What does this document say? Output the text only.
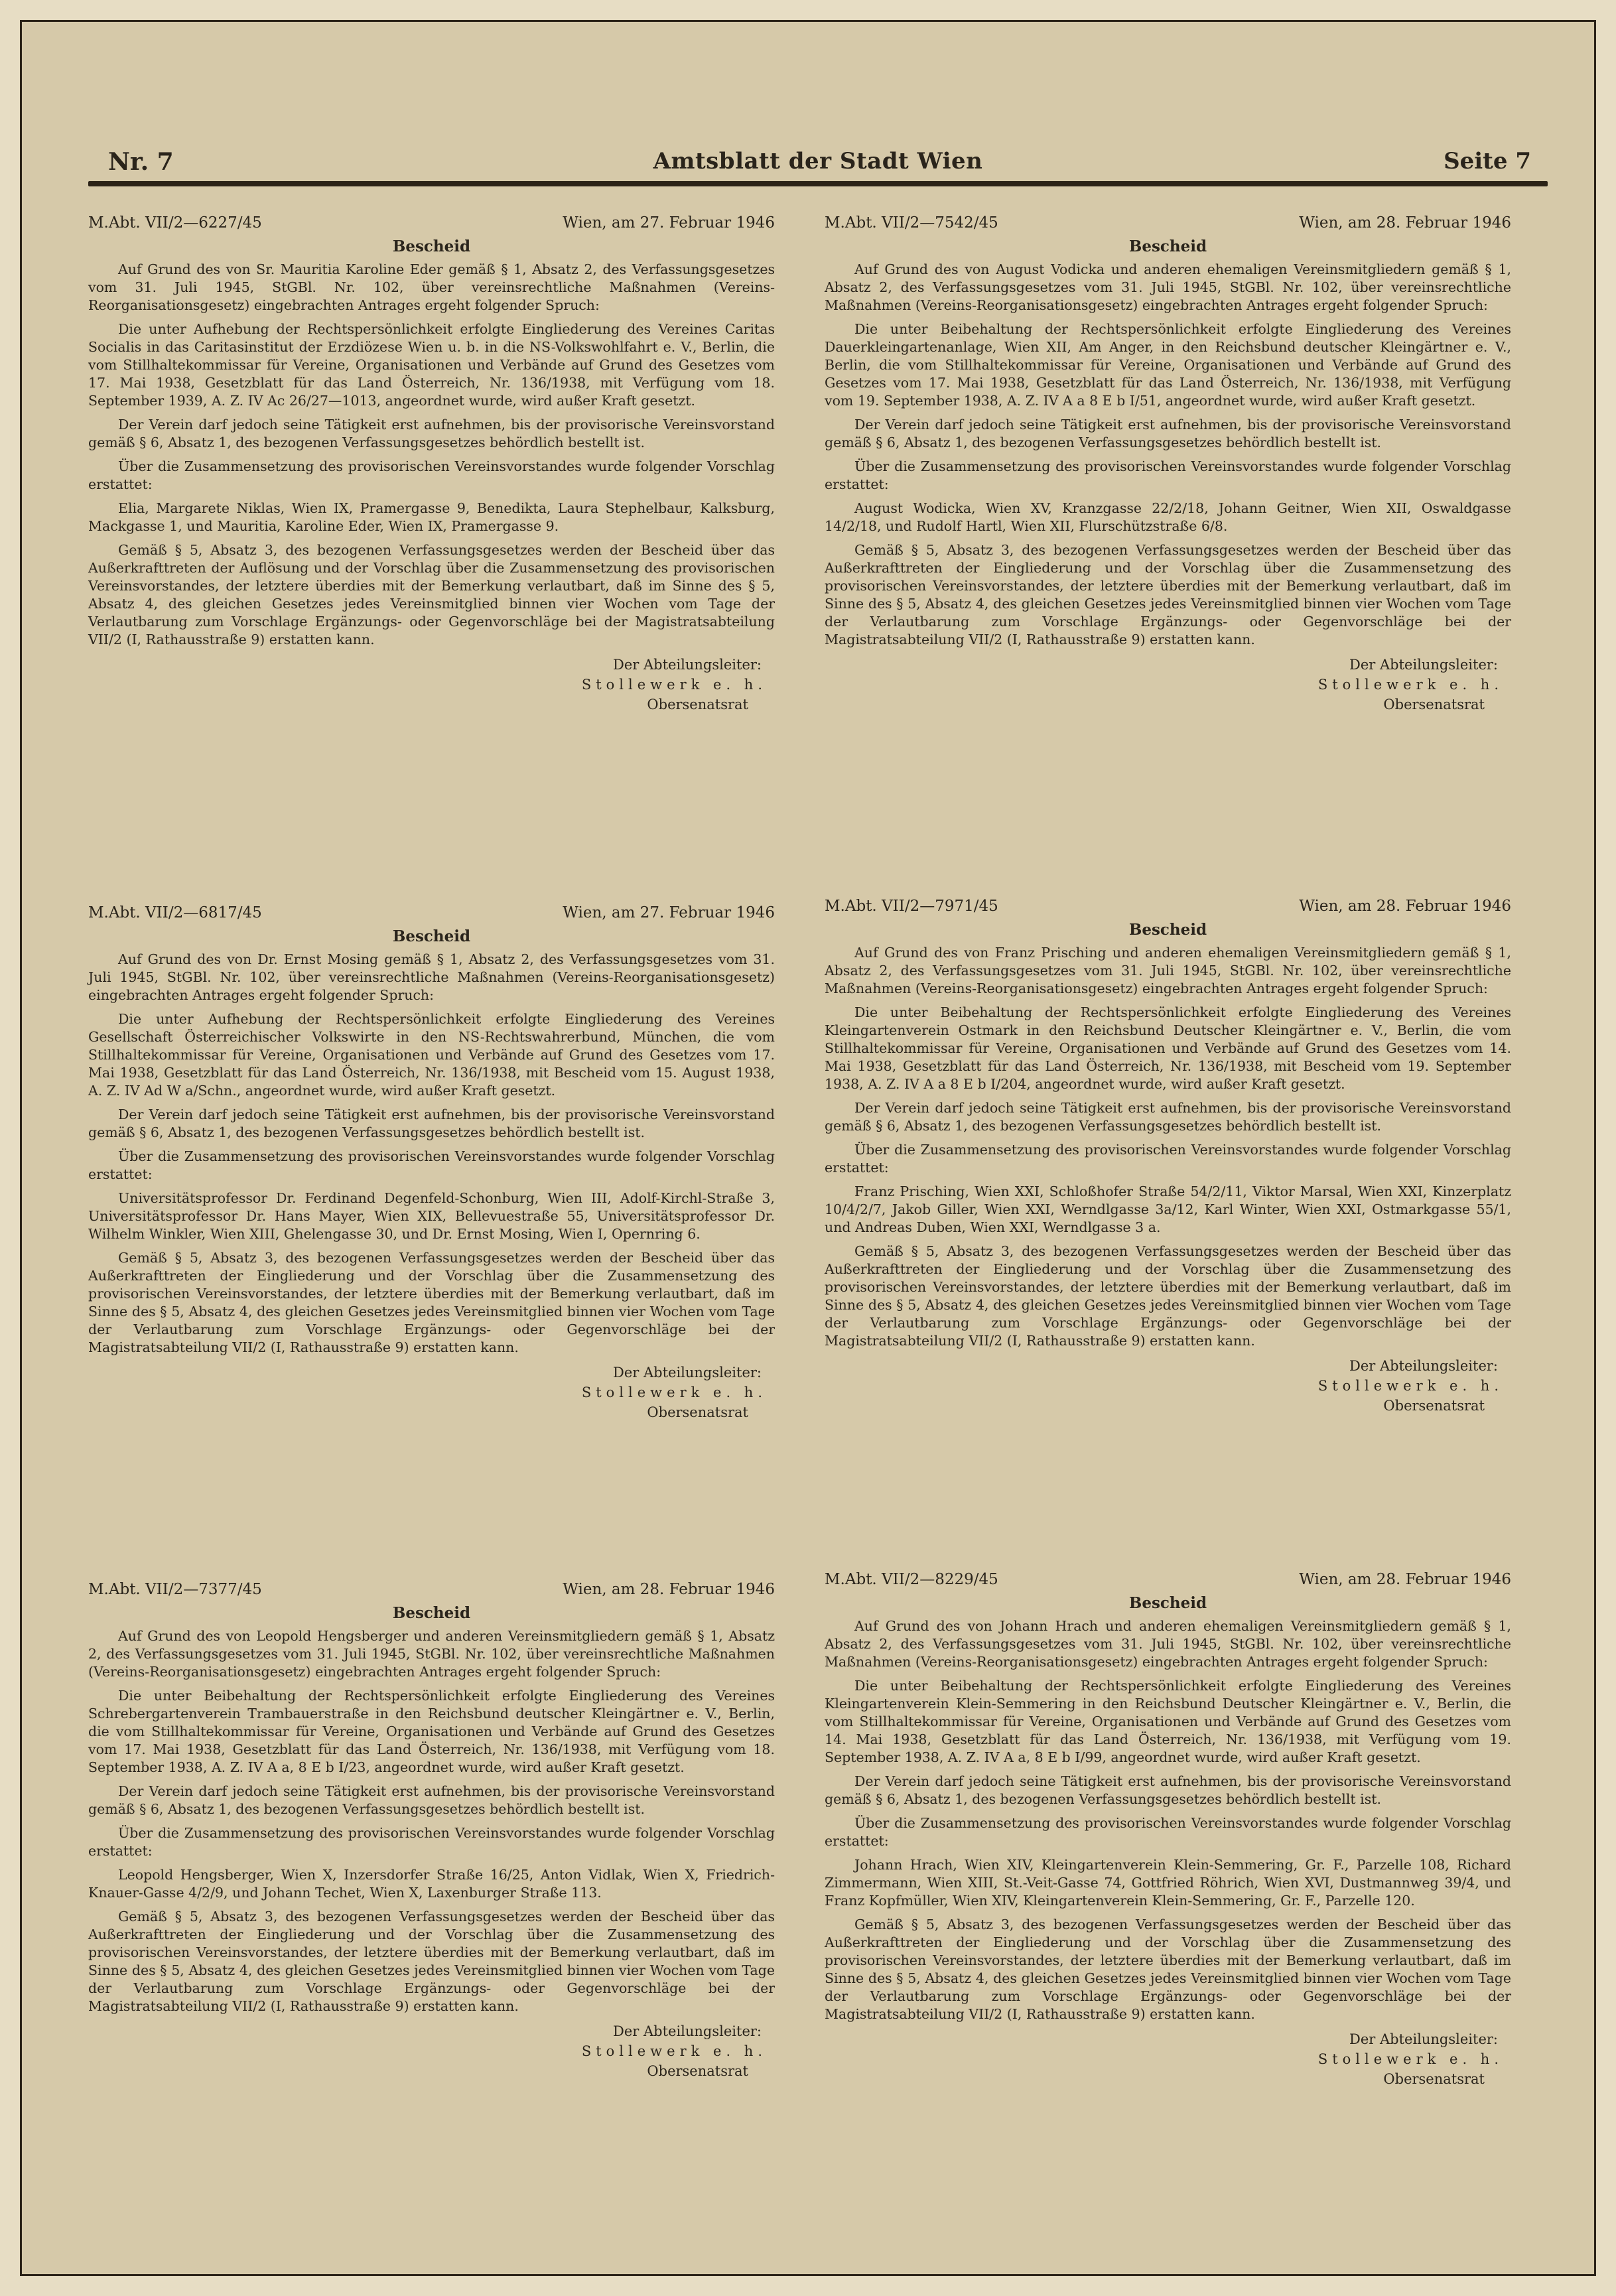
Nr. 7	Amtsblatt der Stadt Wien	Seite 7
M.Abt. VII/2—6227/45	Wien, am 27. Februar 1946
Bescheid

Auf Grund des von Sr. Mauritia Karoline Eder gemäß § 1, Absatz 2, des Verfassungsgesetzes vom 31. Juli 1945, StGBl. Nr. 102, über vereinsrechtliche Maßnahmen (Vereins-Reorganisationsgesetz) eingebrachten Antrages ergeht folgender Spruch:

Die unter Aufhebung der Rechtspersönlichkeit erfolgte Eingliederung des Vereines Caritas Socialis in das Caritasinstitut der Erzdiözese Wien u. b. in die NS-Volkswohlfahrt e. V., Berlin, die vom Stillhaltekommissar für Vereine, Organisationen und Verbände auf Grund des Gesetzes vom 17. Mai 1938, Gesetzblatt für das Land Österreich, Nr. 136/1938, mit Verfügung vom 18. September 1939, A. Z. IV Ac 26/27—1013, angeordnet wurde, wird außer Kraft gesetzt.

Der Verein darf jedoch seine Tätigkeit erst aufnehmen, bis der provisorische Vereinsvorstand gemäß § 6, Absatz 1, des bezogenen Verfassungsgesetzes behördlich bestellt ist.

Über die Zusammensetzung des provisorischen Vereinsvorstandes wurde folgender Vorschlag erstattet:

Elia, Margarete Niklas, Wien IX, Pramergasse 9, Benedikta, Laura Stephelbaur, Kalksburg, Mackgasse 1, und Mauritia, Karoline Eder, Wien IX, Pramergasse 9.

Gemäß § 5, Absatz 3, des bezogenen Verfassungsgesetzes werden der Bescheid über das Außerkrafttreten der Auflösung und der Vorschlag über die Zusammensetzung des provisorischen Vereinsvorstandes, der letztere überdies mit der Bemerkung verlautbart, daß im Sinne des § 5, Absatz 4, des gleichen Gesetzes jedes Vereinsmitglied binnen vier Wochen vom Tage der Verlautbarung zum Vorschlage Ergänzungs- oder Gegenvorschläge bei der Magistratsabteilung VII/2 (I, Rathausstraße 9) erstatten kann.

Der Abteilungsleiter:
Stollewerk e. h.
Obersenatsrat
M.Abt. VII/2—6817/45	Wien, am 27. Februar 1946
Bescheid

Auf Grund des von Dr. Ernst Mosing gemäß § 1, Absatz 2, des Verfassungsgesetzes vom 31. Juli 1945, StGBl. Nr. 102, über vereinsrechtliche Maßnahmen (Vereins-Reorganisationsgesetz) eingebrachten Antrages ergeht folgender Spruch:

Die unter Aufhebung der Rechtspersönlichkeit erfolgte Eingliederung des Vereines Gesellschaft Österreichischer Volkswirte in den NS-Rechtswahrerbund, München, die vom Stillhaltekommissar für Vereine, Organisationen und Verbände auf Grund des Gesetzes vom 17. Mai 1938, Gesetzblatt für das Land Österreich, Nr. 136/1938, mit Bescheid vom 15. August 1938, A. Z. IV Ad W a/Schn., angeordnet wurde, wird außer Kraft gesetzt.

Der Verein darf jedoch seine Tätigkeit erst aufnehmen, bis der provisorische Vereinsvorstand gemäß § 6, Absatz 1, des bezogenen Verfassungsgesetzes behördlich bestellt ist.

Über die Zusammensetzung des provisorischen Vereinsvorstandes wurde folgender Vorschlag erstattet:

Universitätsprofessor Dr. Ferdinand Degenfeld-Schonburg, Wien III, Adolf-Kirchl-Straße 3, Universitätsprofessor Dr. Hans Mayer, Wien XIX, Bellevuestraße 55, Universitätsprofessor Dr. Wilhelm Winkler, Wien XIII, Ghelengasse 30, und Dr. Ernst Mosing, Wien I, Opernring 6.

Gemäß § 5, Absatz 3, des bezogenen Verfassungsgesetzes werden der Bescheid über das Außerkrafttreten der Eingliederung und der Vorschlag über die Zusammensetzung des provisorischen Vereinsvorstandes, der letztere überdies mit der Bemerkung verlautbart, daß im Sinne des § 5, Absatz 4, des gleichen Gesetzes jedes Vereinsmitglied binnen vier Wochen vom Tage der Verlautbarung zum Vorschlage Ergänzungs- oder Gegenvorschläge bei der Magistratsabteilung VII/2 (I, Rathausstraße 9) erstatten kann.

Der Abteilungsleiter:
Stollewerk e. h.
Obersenatsrat
M.Abt. VII/2—7377/45	Wien, am 28. Februar 1946
Bescheid

Auf Grund des von Leopold Hengsberger und anderen Vereinsmitgliedern gemäß § 1, Absatz 2, des Verfassungsgesetzes vom 31. Juli 1945, StGBl. Nr. 102, über vereinsrechtliche Maßnahmen (Vereins-Reorganisationsgesetz) eingebrachten Antrages ergeht folgender Spruch:

Die unter Beibehaltung der Rechtspersönlichkeit erfolgte Eingliederung des Vereines Schrebergartenverein Trambauerstraße in den Reichsbund deutscher Kleingärtner e. V., Berlin, die vom Stillhaltekommissar für Vereine, Organisationen und Verbände auf Grund des Gesetzes vom 17. Mai 1938, Gesetzblatt für das Land Österreich, Nr. 136/1938, mit Verfügung vom 18. September 1938, A. Z. IV A a, 8 E b I/23, angeordnet wurde, wird außer Kraft gesetzt.

Der Verein darf jedoch seine Tätigkeit erst aufnehmen, bis der provisorische Vereinsvorstand gemäß § 6, Absatz 1, des bezogenen Verfassungsgesetzes behördlich bestellt ist.

Über die Zusammensetzung des provisorischen Vereinsvorstandes wurde folgender Vorschlag erstattet:

Leopold Hengsberger, Wien X, Inzersdorfer Straße 16/25, Anton Vidlak, Wien X, Friedrich-Knauer-Gasse 4/2/9, und Johann Techet, Wien X, Laxenburger Straße 113.

Gemäß § 5, Absatz 3, des bezogenen Verfassungsgesetzes werden der Bescheid über das Außerkrafttreten der Eingliederung und der Vorschlag über die Zusammensetzung des provisorischen Vereinsvorstandes, der letztere überdies mit der Bemerkung verlautbart, daß im Sinne des § 5, Absatz 4, des gleichen Gesetzes jedes Vereinsmitglied binnen vier Wochen vom Tage der Verlautbarung zum Vorschlage Ergänzungs- oder Gegenvorschläge bei der Magistratsabteilung VII/2 (I, Rathausstraße 9) erstatten kann.

Der Abteilungsleiter:
Stollewerk e. h.
Obersenatsrat
M.Abt. VII/2—7542/45	Wien, am 28. Februar 1946
Bescheid

Auf Grund des von August Vodicka und anderen ehemaligen Vereinsmitgliedern gemäß § 1, Absatz 2, des Verfassungsgesetzes vom 31. Juli 1945, StGBl. Nr. 102, über vereinsrechtliche Maßnahmen (Vereins-Reorganisationsgesetz) eingebrachten Antrages ergeht folgender Spruch:

Die unter Beibehaltung der Rechtspersönlichkeit erfolgte Eingliederung des Vereines Dauerkleingartenanlage, Wien XII, Am Anger, in den Reichsbund deutscher Kleingärtner e. V., Berlin, die vom Stillhaltekommissar für Vereine, Organisationen und Verbände auf Grund des Gesetzes vom 17. Mai 1938, Gesetzblatt für das Land Österreich, Nr. 136/1938, mit Verfügung vom 19. September 1938, A. Z. IV A a 8 E b I/51, angeordnet wurde, wird außer Kraft gesetzt.

Der Verein darf jedoch seine Tätigkeit erst aufnehmen, bis der provisorische Vereinsvorstand gemäß § 6, Absatz 1, des bezogenen Verfassungsgesetzes behördlich bestellt ist.

Über die Zusammensetzung des provisorischen Vereinsvorstandes wurde folgender Vorschlag erstattet:

August Wodicka, Wien XV, Kranzgasse 22/2/18, Johann Geitner, Wien XII, Oswaldgasse 14/2/18, und Rudolf Hartl, Wien XII, Flurschützstraße 6/8.

Gemäß § 5, Absatz 3, des bezogenen Verfassungsgesetzes werden der Bescheid über das Außerkrafttreten der Eingliederung und der Vorschlag über die Zusammensetzung des provisorischen Vereinsvorstandes, der letztere überdies mit der Bemerkung verlautbart, daß im Sinne des § 5, Absatz 4, des gleichen Gesetzes jedes Vereinsmitglied binnen vier Wochen vom Tage der Verlautbarung zum Vorschlage Ergänzungs- oder Gegenvorschläge bei der Magistratsabteilung VII/2 (I, Rathausstraße 9) erstatten kann.

Der Abteilungsleiter:
Stollewerk e. h.
Obersenatsrat
M.Abt. VII/2—7971/45	Wien, am 28. Februar 1946
Bescheid

Auf Grund des von Franz Prisching und anderen ehemaligen Vereinsmitgliedern gemäß § 1, Absatz 2, des Verfassungsgesetzes vom 31. Juli 1945, StGBl. Nr. 102, über vereinsrechtliche Maßnahmen (Vereins-Reorganisationsgesetz) eingebrachten Antrages ergeht folgender Spruch:

Die unter Beibehaltung der Rechtspersönlichkeit erfolgte Eingliederung des Vereines Kleingartenverein Ostmark in den Reichsbund Deutscher Kleingärtner e. V., Berlin, die vom Stillhaltekommissar für Vereine, Organisationen und Verbände auf Grund des Gesetzes vom 14. Mai 1938, Gesetzblatt für das Land Österreich, Nr. 136/1938, mit Bescheid vom 19. September 1938, A. Z. IV A a 8 E b I/204, angeordnet wurde, wird außer Kraft gesetzt.

Der Verein darf jedoch seine Tätigkeit erst aufnehmen, bis der provisorische Vereinsvorstand gemäß § 6, Absatz 1, des bezogenen Verfassungsgesetzes behördlich bestellt ist.

Über die Zusammensetzung des provisorischen Vereinsvorstandes wurde folgender Vorschlag erstattet:

Franz Prisching, Wien XXI, Schloßhofer Straße 54/2/11, Viktor Marsal, Wien XXI, Kinzerplatz 10/4/2/7, Jakob Giller, Wien XXI, Werndlgasse 3a/12, Karl Winter, Wien XXI, Ostmarkgasse 55/1, und Andreas Duben, Wien XXI, Werndlgasse 3 a.

Gemäß § 5, Absatz 3, des bezogenen Verfassungsgesetzes werden der Bescheid über das Außerkrafttreten der Eingliederung und der Vorschlag über die Zusammensetzung des provisorischen Vereinsvorstandes, der letztere überdies mit der Bemerkung verlautbart, daß im Sinne des § 5, Absatz 4, des gleichen Gesetzes jedes Vereinsmitglied binnen vier Wochen vom Tage der Verlautbarung zum Vorschlage Ergänzungs- oder Gegenvorschläge bei der Magistratsabteilung VII/2 (I, Rathausstraße 9) erstatten kann.

Der Abteilungsleiter:
Stollewerk e. h.
Obersenatsrat
M.Abt. VII/2—8229/45	Wien, am 28. Februar 1946
Bescheid

Auf Grund des von Johann Hrach und anderen ehemaligen Vereinsmitgliedern gemäß § 1, Absatz 2, des Verfassungsgesetzes vom 31. Juli 1945, StGBl. Nr. 102, über vereinsrechtliche Maßnahmen (Vereins-Reorganisationsgesetz) eingebrachten Antrages ergeht folgender Spruch:

Die unter Beibehaltung der Rechtspersönlichkeit erfolgte Eingliederung des Vereines Kleingartenverein Klein-Semmering in den Reichsbund Deutscher Kleingärtner e. V., Berlin, die vom Stillhaltekommissar für Vereine, Organisationen und Verbände auf Grund des Gesetzes vom 14. Mai 1938, Gesetzblatt für das Land Österreich, Nr. 136/1938, mit Verfügung vom 19. September 1938, A. Z. IV A a, 8 E b I/99, angeordnet wurde, wird außer Kraft gesetzt.

Der Verein darf jedoch seine Tätigkeit erst aufnehmen, bis der provisorische Vereinsvorstand gemäß § 6, Absatz 1, des bezogenen Verfassungsgesetzes behördlich bestellt ist.

Über die Zusammensetzung des provisorischen Vereinsvorstandes wurde folgender Vorschlag erstattet:

Johann Hrach, Wien XIV, Kleingartenverein Klein-Semmering, Gr. F., Parzelle 108, Richard Zimmermann, Wien XIII, St.-Veit-Gasse 74, Gottfried Röhrich, Wien XVI, Dustmannweg 39/4, und Franz Kopfmüller, Wien XIV, Kleingartenverein Klein-Semmering, Gr. F., Parzelle 120.

Gemäß § 5, Absatz 3, des bezogenen Verfassungsgesetzes werden der Bescheid über das Außerkrafttreten der Eingliederung und der Vorschlag über die Zusammensetzung des provisorischen Vereinsvorstandes, der letztere überdies mit der Bemerkung verlautbart, daß im Sinne des § 5, Absatz 4, des gleichen Gesetzes jedes Vereinsmitglied binnen vier Wochen vom Tage der Verlautbarung zum Vorschlage Ergänzungs- oder Gegenvorschläge bei der Magistratsabteilung VII/2 (I, Rathausstraße 9) erstatten kann.

Der Abteilungsleiter:
Stollewerk e. h.
Obersenatsrat
